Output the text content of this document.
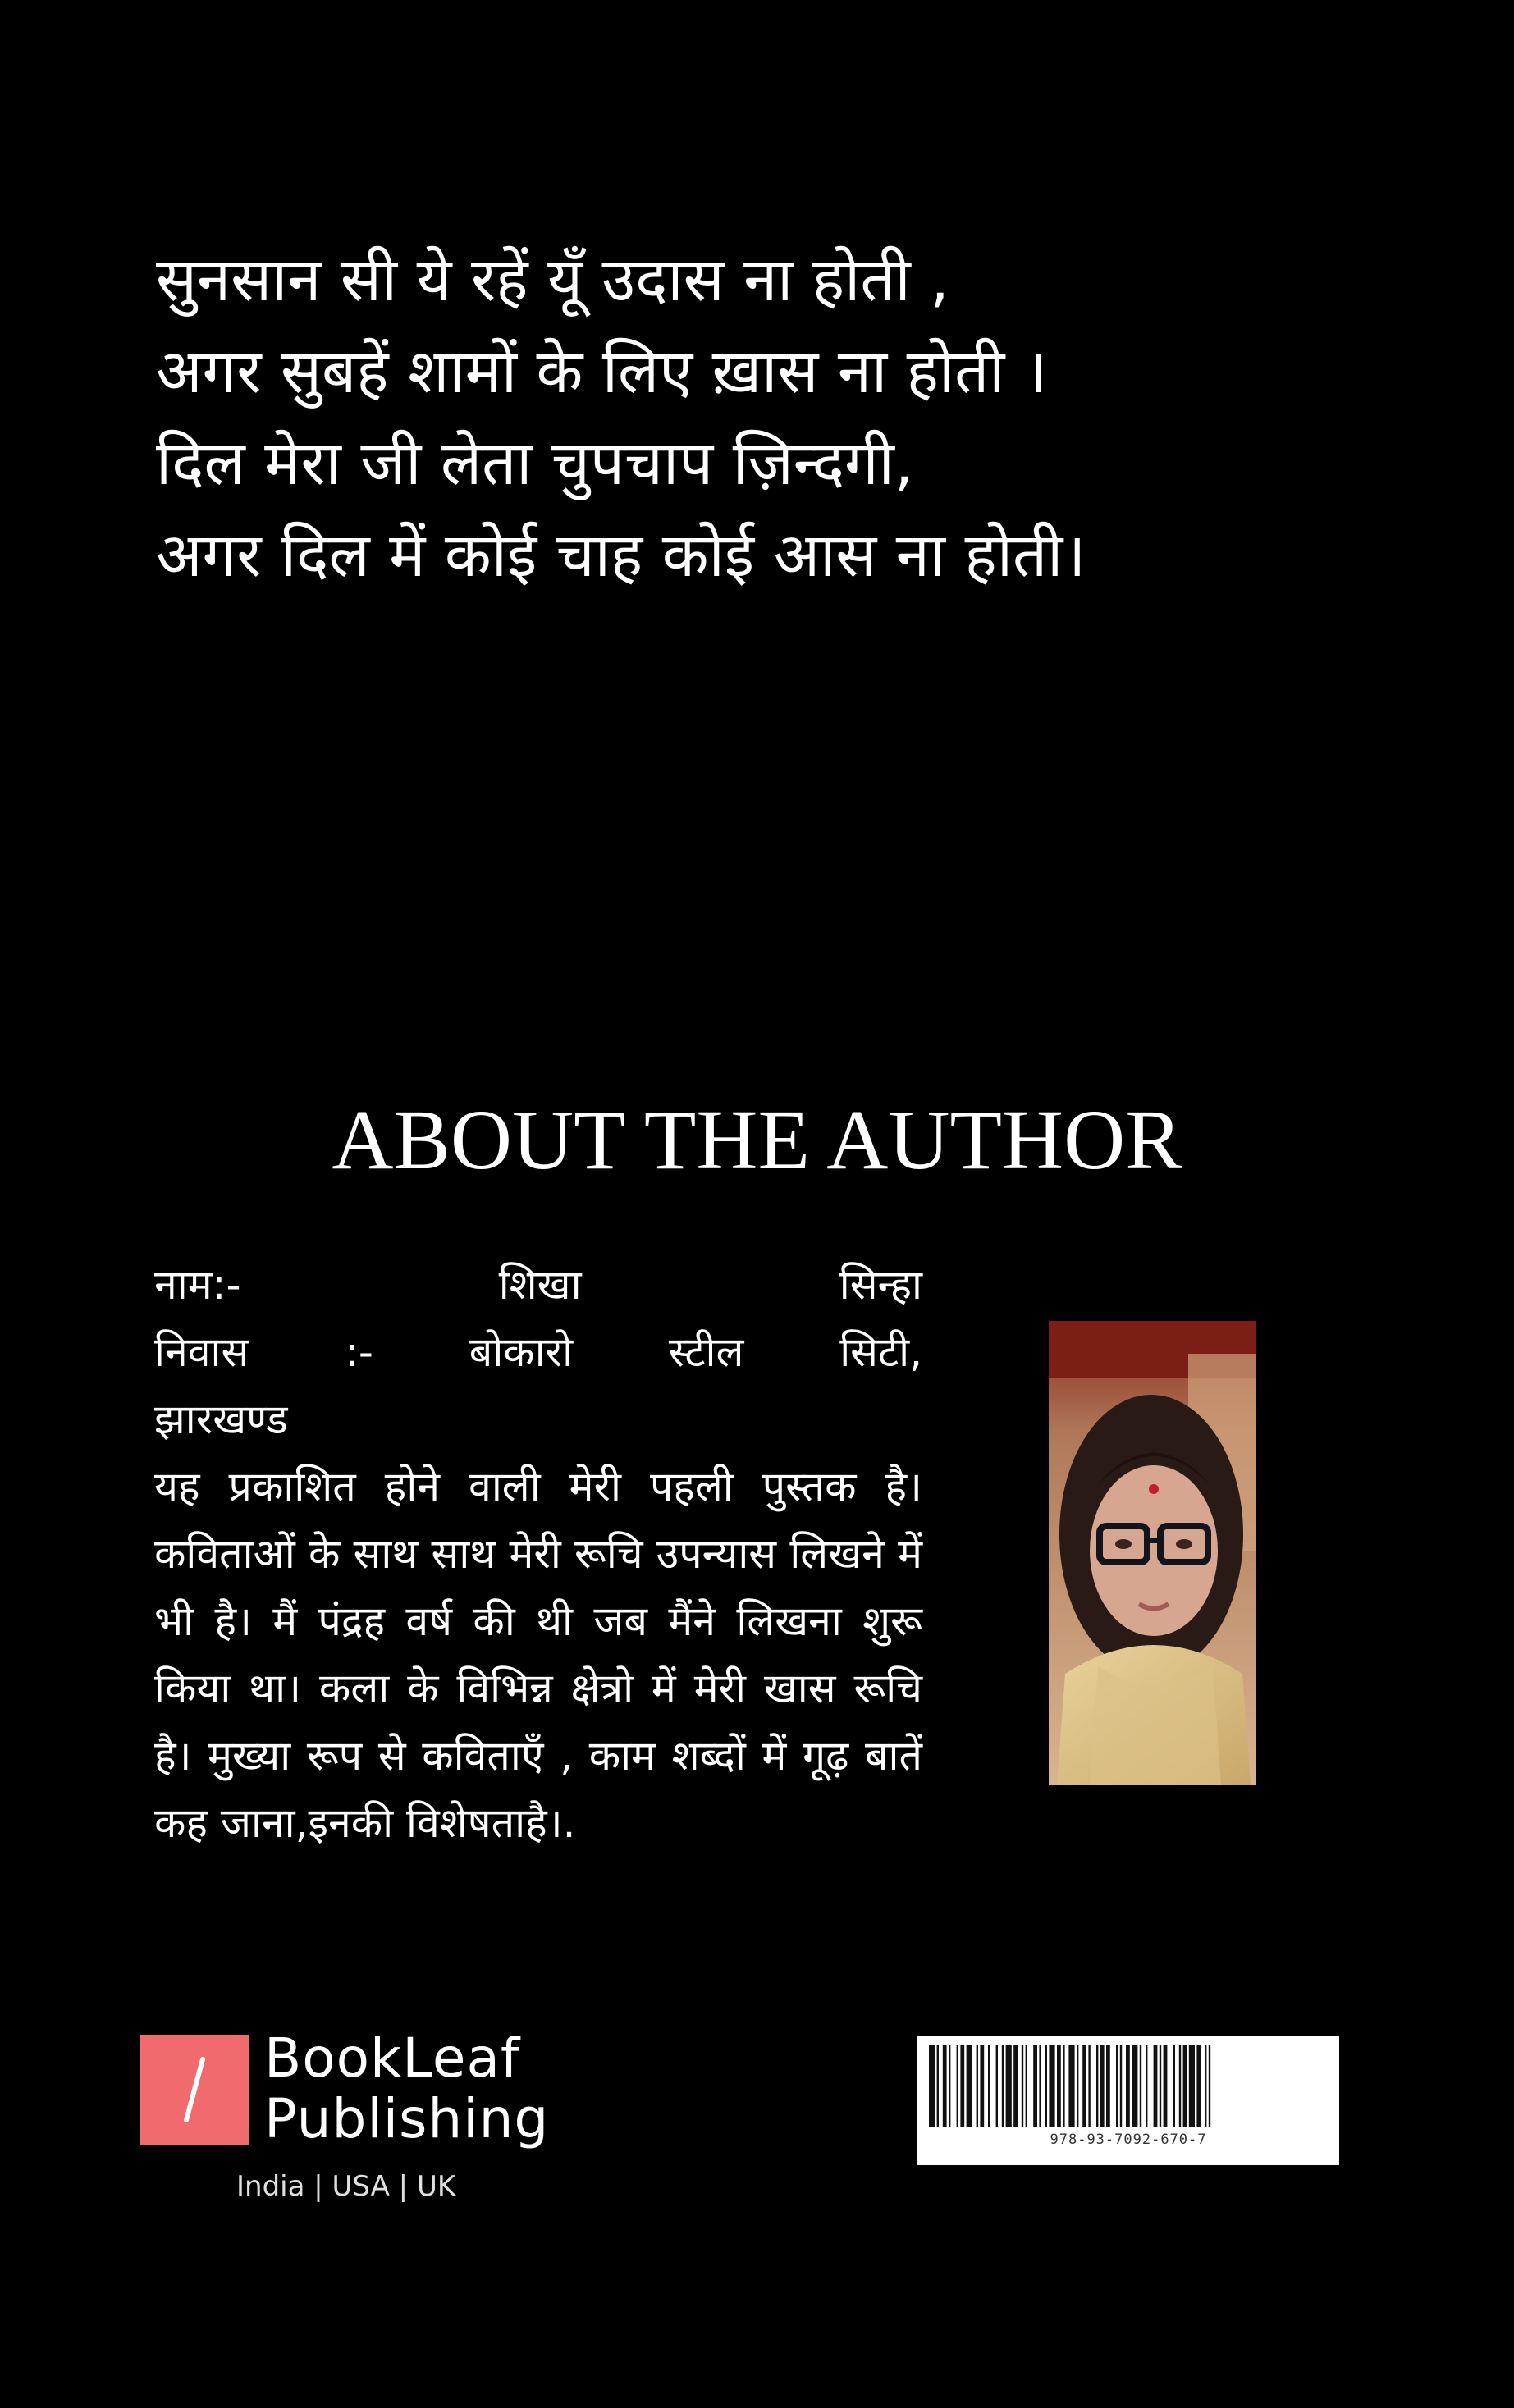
सुनसान सी ये रहें यूँ उदास ना होती ,
अगर सुबहें शामों के लिए ख़ास ना होती ।
दिल मेरा जी लेता चुपचाप ज़िन्दगी,
अगर दिल में कोई चाह कोई आस ना होती।
ABOUT THE AUTHOR
नाम:-	शिखा	सिन्हा
निवास :- बोकारो स्टील सिटी,
झारखण्ड
यह प्रकाशित होने वाली मेरी पहली पुस्तक है। कविताओं के साथ साथ मेरी रूचि उपन्यास लिखने में भी है। मैं पंद्रह वर्ष की थी जब मैंने लिखना शुरू किया था। कला के विभिन्न क्षेत्रो में मेरी खास रूचि है। मुख्या रूप से कविताएँ , काम शब्दों में गूढ़ बातें कह जाना,इनकी विशेषताहै।.
BookLeaf
Publishing
India | USA | UK
978-93-7092-670-7
